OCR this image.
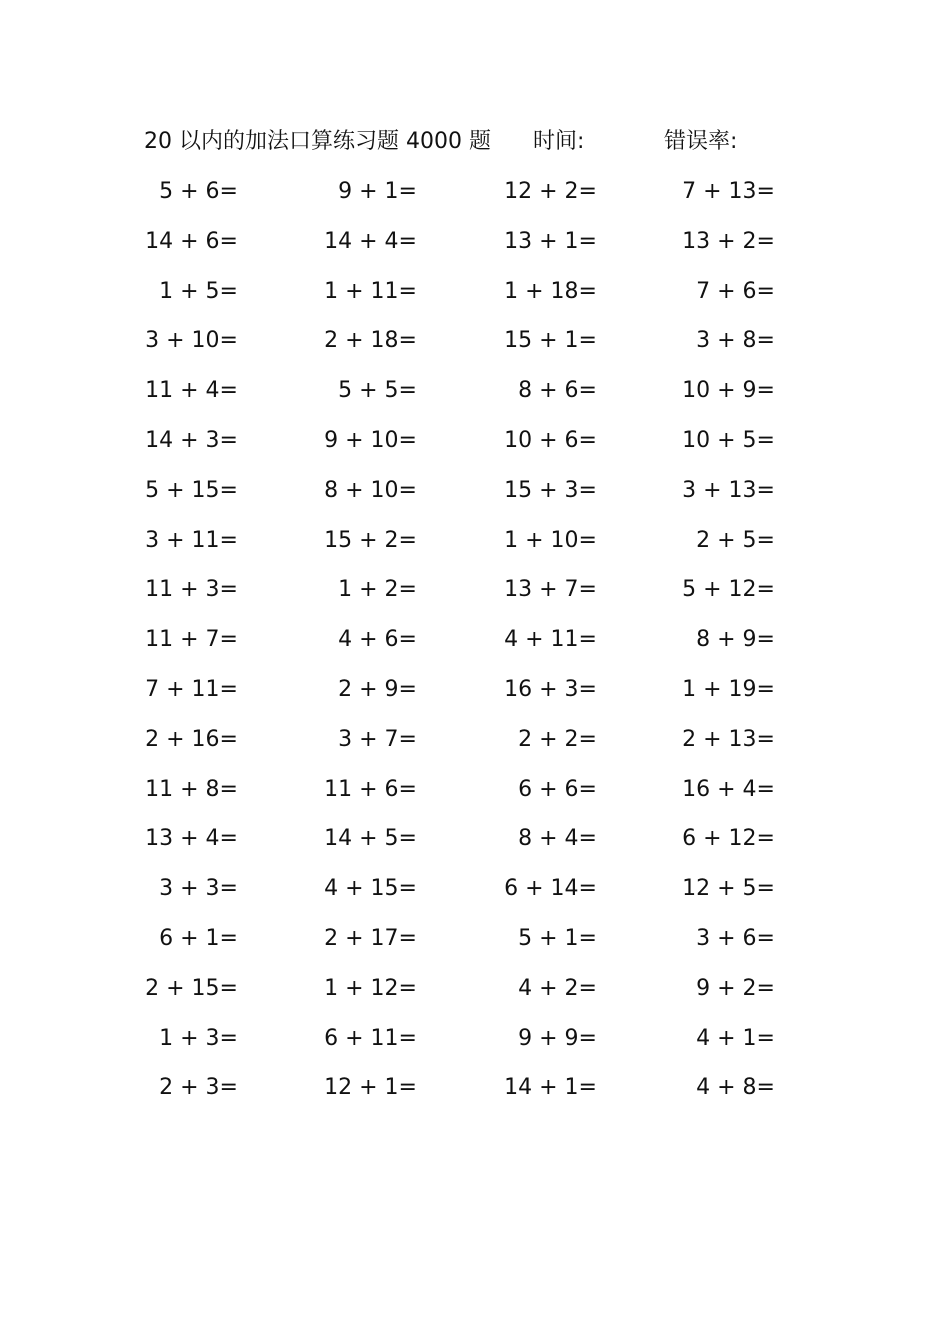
20 以内的加法口算练习题 4000 题 时间:	错误率:
5 + 6=	9 + 1=	12 + 2=	7 + 13=
14 + 6=	14 + 4=	13 + 1=	13 + 2=
1 + 5=	1 + 11=	1 + 18=	7 + 6=
3 + 10=	2 + 18=	15 + 1=	3 + 8=
11 + 4=	5 + 5=	8 + 6=	10 + 9=
14 + 3=	9 + 10=	10 + 6=	10 + 5=
5 + 15=	8 + 10=	15 + 3=	3 + 13=
3 + 11=	15 + 2=	1 + 10=	2 + 5=
11 + 3=	1 + 2=	13 + 7=	5 + 12=
11 + 7=	4 + 6=	4 + 11=	8 + 9=
7 + 11=	2 + 9=	16 + 3=	1 + 19=
2 + 16=	3 + 7=	2 + 2=	2 + 13=
11 + 8=	11 + 6=	6 + 6=	16 + 4=
13 + 4=	14 + 5=	8 + 4=	6 + 12=
3 + 3=	4 + 15=	6 + 14=	12 + 5=
6 + 1=	2 + 17=	5 + 1=	3 + 6=
2 + 15=	1 + 12=	4 + 2=	9 + 2=
1 + 3=	6 + 11=	9 + 9=	4 + 1=
2 + 3=	12 + 1=	14 + 1=	4 + 8=
